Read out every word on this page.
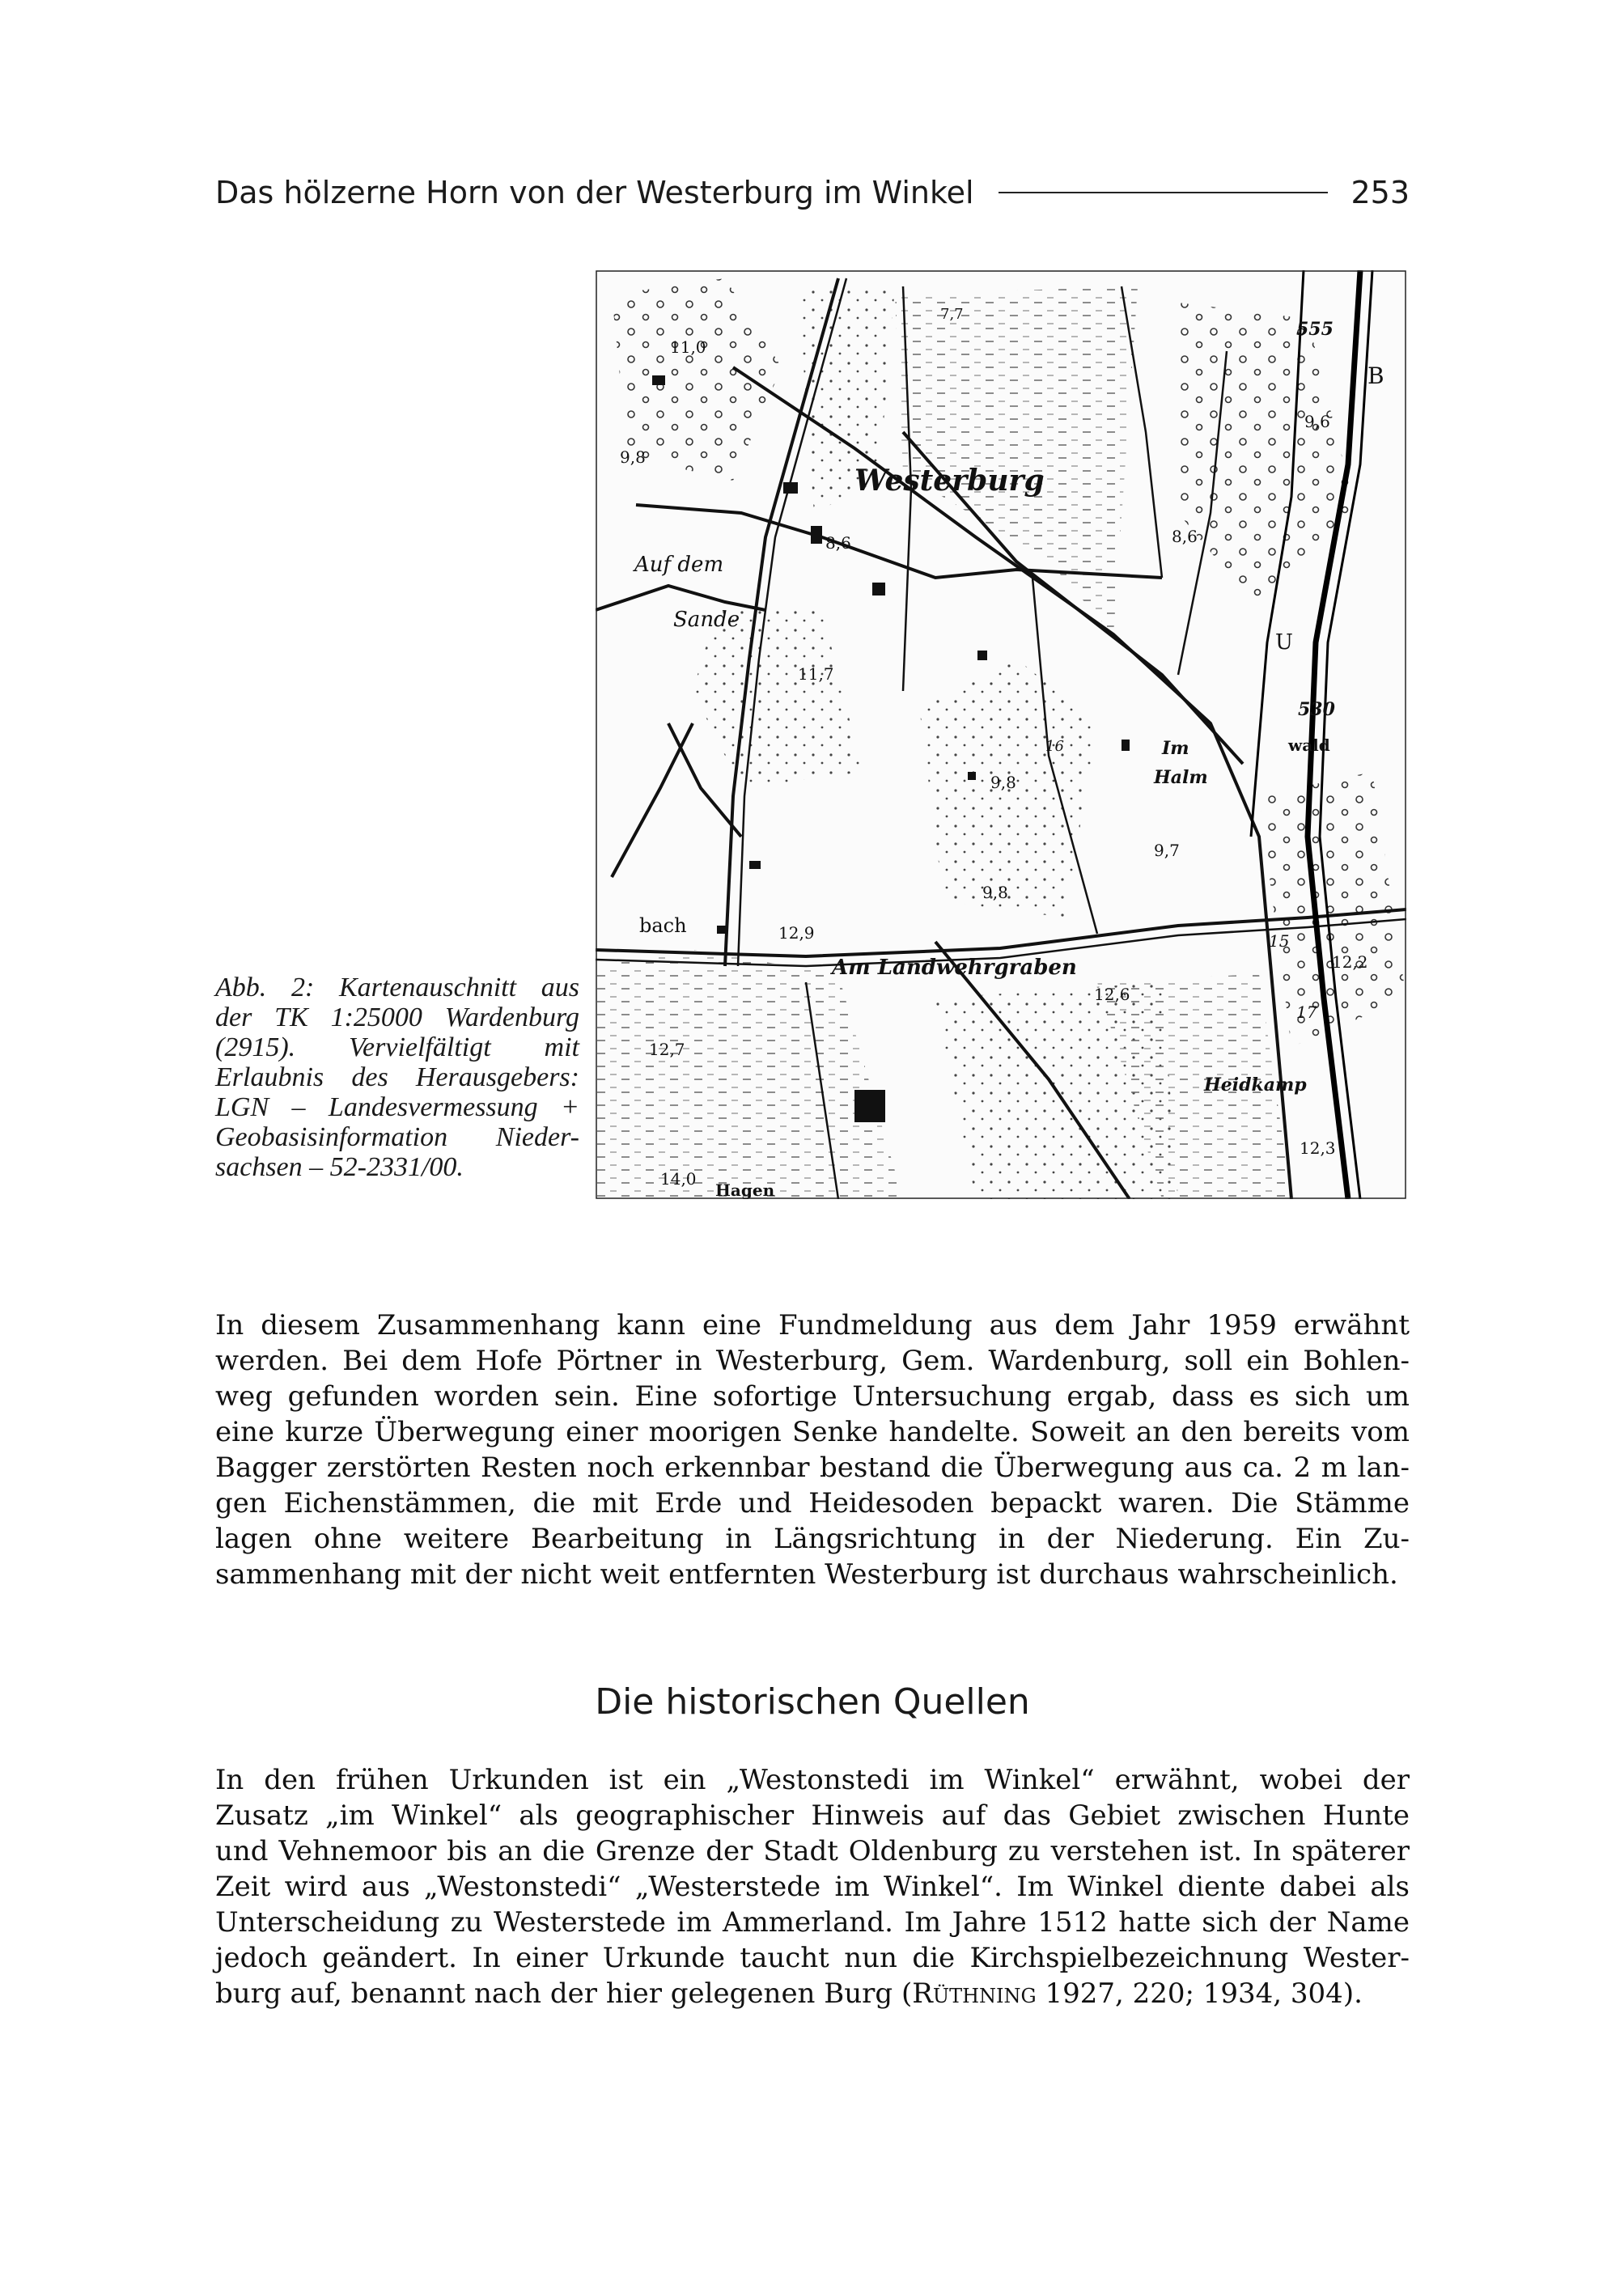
Das hölzerne Horn von der Westerburg im Winkel	253
Abb. 2: Kartenauschnitt aus
der TK 1:25000 Wardenburg
(2915). Vervielfältigt mit
Erlaubnis des Herausgebers:
LGN – Landesvermessung +
Geobasisinformation Nieder-
sachsen – 52-2331/00.
Westerburg
Auf dem
Sande
Im
Halm
Am Landwehrgraben
Heidkamp
Hagen
bach
11,0
9,8
8,6	8,6
11,7
7,7
555
9,6
530
wald
9,8
9,8
9,7
12,9
12,6
12,7
12,2
12,3
14,0
16
15
17
B
U
In diesem Zusammenhang kann eine Fundmeldung aus dem Jahr 1959 erwähnt
werden. Bei dem Hofe Pörtner in Westerburg, Gem. Wardenburg, soll ein Bohlen-
weg gefunden worden sein. Eine sofortige Untersuchung ergab, dass es sich um
eine kurze Überwegung einer moorigen Senke handelte. Soweit an den bereits vom
Bagger zerstörten Resten noch erkennbar bestand die Überwegung aus ca. 2 m lan-
gen Eichenstämmen, die mit Erde und Heidesoden bepackt waren. Die Stämme
lagen ohne weitere Bearbeitung in Längsrichtung in der Niederung. Ein Zu-
sammenhang mit der nicht weit entfernten Westerburg ist durchaus wahrscheinlich.
Die historischen Quellen
In den frühen Urkunden ist ein „Westonstedi im Winkel“ erwähnt, wobei der
Zusatz „im Winkel“ als geographischer Hinweis auf das Gebiet zwischen Hunte
und Vehnemoor bis an die Grenze der Stadt Oldenburg zu verstehen ist. In späterer
Zeit wird aus „Westonstedi“ „Westerstede im Winkel“. Im Winkel diente dabei als
Unterscheidung zu Westerstede im Ammerland. Im Jahre 1512 hatte sich der Name
jedoch geändert. In einer Urkunde taucht nun die Kirchspielbezeichnung Wester-
burg auf, benannt nach der hier gelegenen Burg (Rüthning 1927, 220; 1934, 304).
